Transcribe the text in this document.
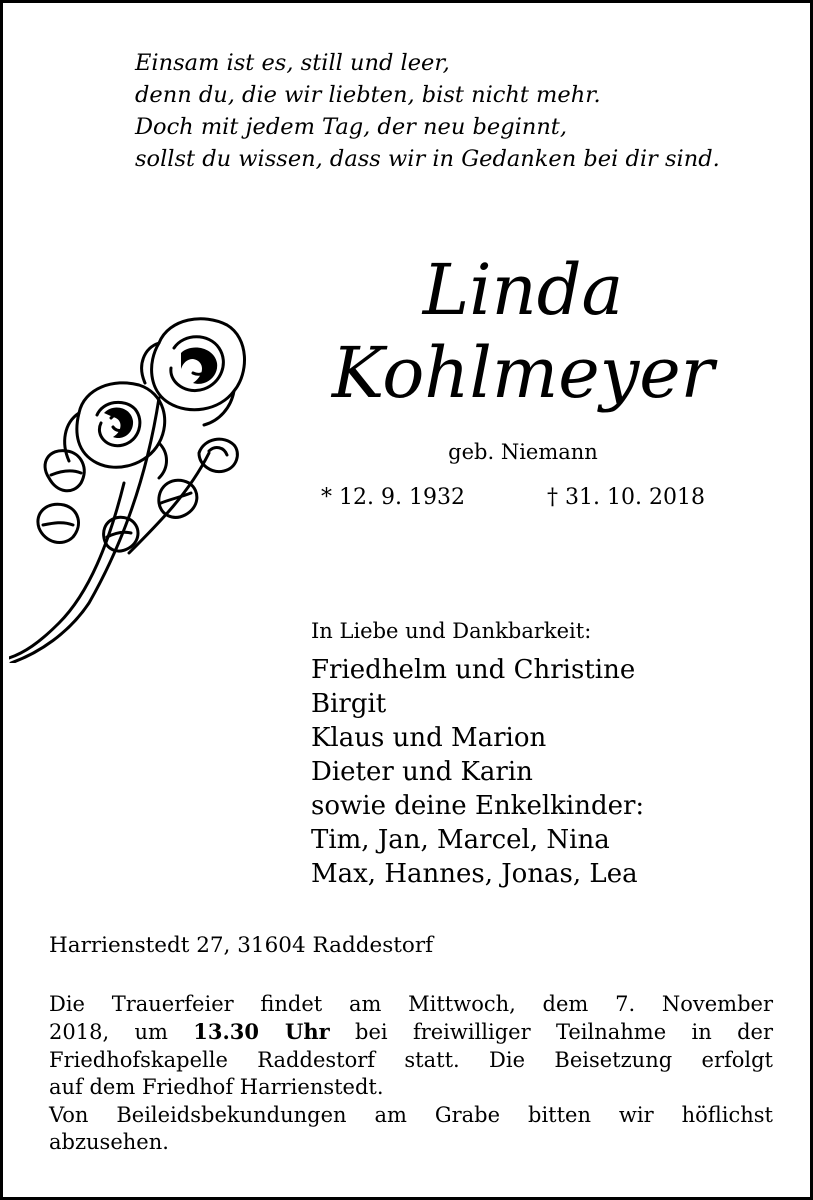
Einsam ist es, still und leer,
denn du, die wir liebten, bist nicht mehr.
Doch mit jedem Tag, der neu beginnt,
sollst du wissen, dass wir in Gedanken bei dir sind.
Linda
Kohlmeyer
geb. Niemann
* 12. 9. 1932	† 31. 10. 2018
In Liebe und Dankbarkeit:
Friedhelm und Christine
Birgit
Klaus und Marion
Dieter und Karin
sowie deine Enkelkinder:
Tim, Jan, Marcel, Nina
Max, Hannes, Jonas, Lea
Harrienstedt 27, 31604 Raddestorf
Die Trauerfeier findet am Mittwoch, dem 7. November
2018, um 13.30 Uhr bei freiwilliger Teilnahme in der
Friedhofskapelle Raddestorf statt. Die Beisetzung erfolgt
auf dem Friedhof Harrienstedt.
Von Beileidsbekundungen am Grabe bitten wir höflichst
abzusehen.
